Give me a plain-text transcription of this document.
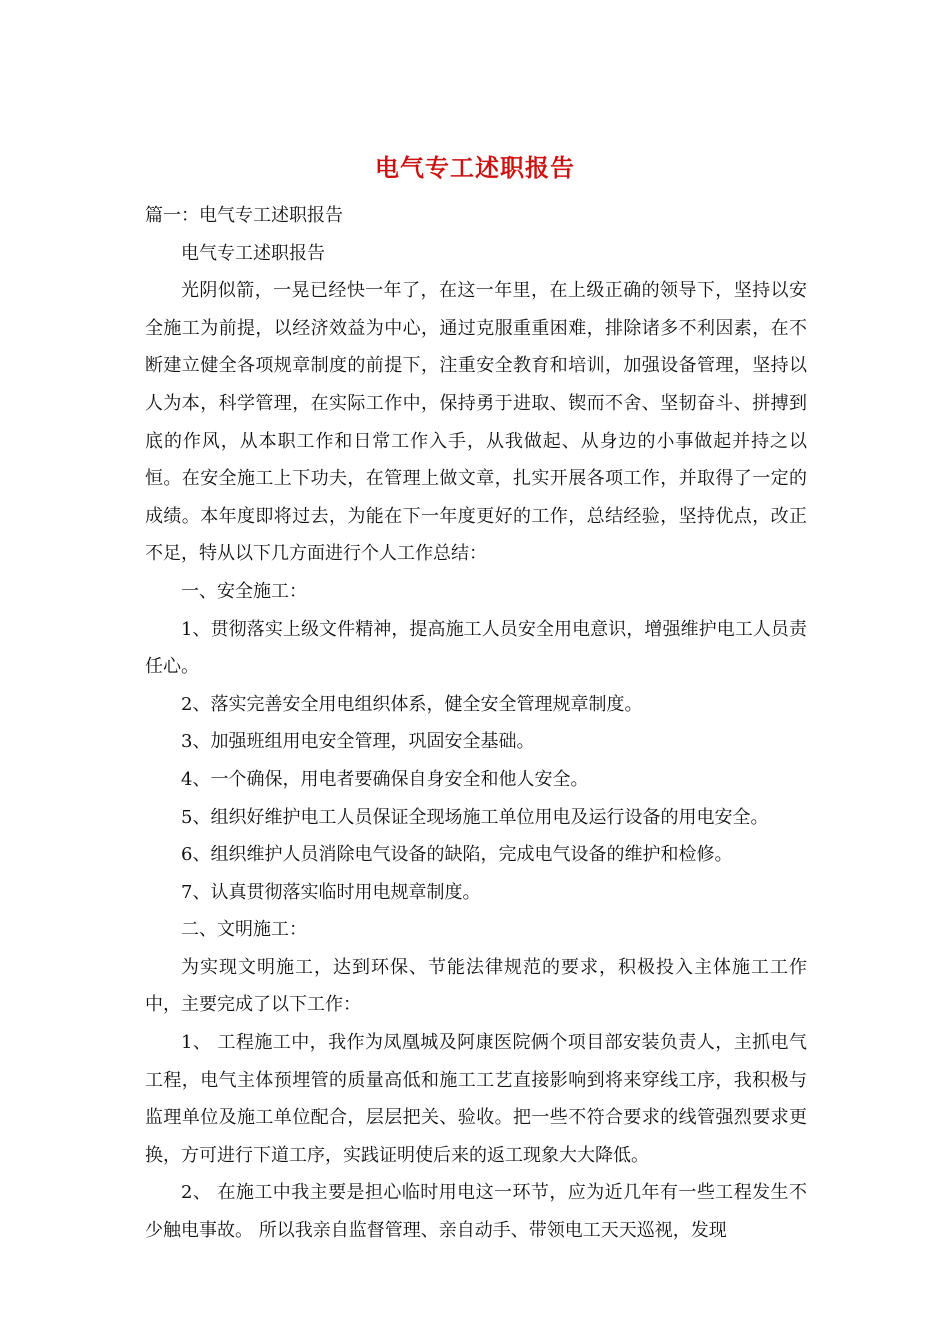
电气专工述职报告

篇一：电气专工述职报告

电气专工述职报告

光阴似箭，一晃已经快一年了，在这一年里，在上级正确的领导下，坚持以安全施工为前提，以经济效益为中心，通过克服重重困难，排除诸多不利因素，在不断建立健全各项规章制度的前提下，注重安全教育和培训，加强设备管理，坚持以人为本，科学管理，在实际工作中，保持勇于进取、锲而不舍、坚韧奋斗、拼搏到底的作风，从本职工作和日常工作入手，从我做起、从身边的小事做起并持之以恒。在安全施工上下功夫，在管理上做文章，扎实开展各项工作，并取得了一定的成绩。本年度即将过去，为能在下一年度更好的工作，总结经验，坚持优点，改正不足，特从以下几方面进行个人工作总结：

一、安全施工：

1、贯彻落实上级文件精神，提高施工人员安全用电意识，增强维护电工人员责任心。

2、落实完善安全用电组织体系，健全安全管理规章制度。

3、加强班组用电安全管理，巩固安全基础。

4、一个确保，用电者要确保自身安全和他人安全。

5、组织好维护电工人员保证全现场施工单位用电及运行设备的用电安全。

6、组织维护人员消除电气设备的缺陷，完成电气设备的维护和检修。

7、认真贯彻落实临时用电规章制度。

二、文明施工：

为实现文明施工，达到环保、节能法律规范的要求，积极投入主体施工工作中，主要完成了以下工作：

1、 工程施工中，我作为凤凰城及阿康医院俩个项目部安装负责人，主抓电气工程，电气主体预埋管的质量高低和施工工艺直接影响到将来穿线工序，我积极与监理单位及施工单位配合，层层把关、验收。把一些不符合要求的线管强烈要求更换，方可进行下道工序，实践证明使后来的返工现象大大降低。

2、 在施工中我主要是担心临时用电这一环节，应为近几年有一些工程发生不少触电事故。 所以我亲自监督管理、亲自动手、带领电工天天巡视，发现
